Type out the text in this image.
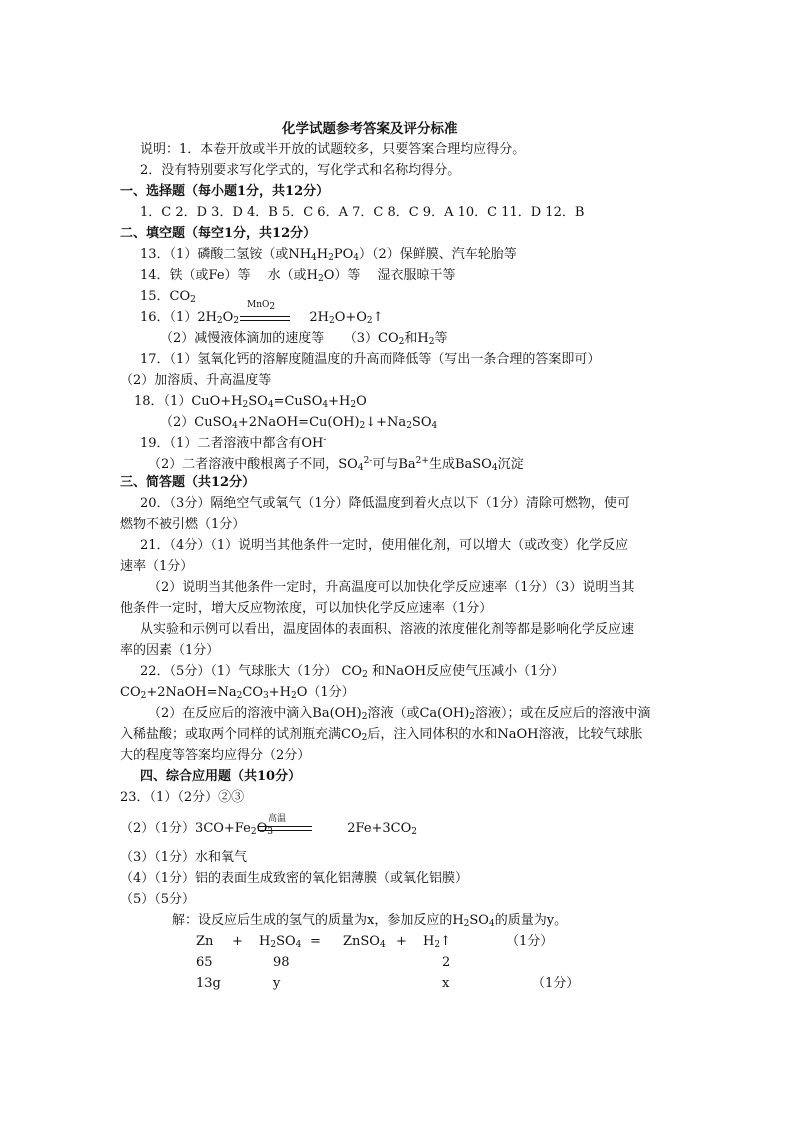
化学试题参考答案及评分标准
说明：1．本卷开放或半开放的试题较多，只要答案合理均应得分。
2．没有特别要求写化学式的，写化学式和名称均得分。
一、选择题（每小题1分，共12分）
1．C 2．D 3．D 4．B 5．C 6．A 7．C 8．C 9．A 10．C 11．D 12．B
二、填空题（每空1分，共12分）
13．（1）磷酸二氢铵（或$NH_4H_2PO_4)(2)$保鲜膜、汽车轮胎等
14．铁（或Fe）等　 水（或$H_2O$）等　 湿衣服晾干等
15．$CO_2$
16．$(1)2H_2O_2$	$2H_2O+O_2↑$
MnO$_2$
（2）减慢液体滴加的速度等　　$(3)CO_2$和$H_2$等
17．（1）氢氧化钙的溶解度随温度的升高而降低等（写出一条合理的答案即可）
（2）加溶质、升高温度等
18．$(1)CuO+H_2SO_4=CuSO_4+H_2O$
$(2)CuSO_4+2NaOH=Cu(OH)_2↓+Na_2SO_4$
19．（1）二者溶液中都含有OH-
（2）二者溶液中酸根离子不同，$SO_4^{2-}$可与$Ba^{2+}$生成BaSO$_4$沉淀
三、简答题（共12分）
20．（3分）隔绝空气或氧气（1分）降低温度到着火点以下（1分）清除可燃物，使可
燃物不被引燃（1分）
21．（4分）（1）说明当其他条件一定时，使用催化剂，可以增大（或改变）化学反应
速率（1分）
（2）说明当其他条件一定时，升高温度可以加快化学反应速率（1分）（3）说明当其
他条件一定时，增大反应物浓度，可以加快化学反应速率（1分）
从实验和示例可以看出，温度固体的表面积、溶液的浓度催化剂等都是影响化学反应速
率的因素（1分）
22．（5分）（1）气球胀大（1分） $CO_2$ 和NaOH反应使气压减小（1分）
$CO_2+2NaOH=Na_2CO_3+H_2O(1$分）
（2）在反应后的溶液中滴入$Ba(OH)_2$溶液（或$Ca(OH)_2$溶液）；或在反应后的溶液中滴
入稀盐酸；或取两个同样的试剂瓶充满$CO_2$后，注入同体积的水和NaOH溶液，比较气球胀
大的程度等答案均应得分（2分）
四、综合应用题（共10分）
23．（1）（2分）②③
（2）（1分）$3CO+Fe_2O_3$	$2Fe+3CO_2$
高温
（3）（1分）水和氧气
（4）（1分）铝的表面生成致密的氧化铝薄膜（或氧化铝膜）
（5）（5分）
解：设反应后生成的氢气的质量为x，参加反应的$H_2SO_4$的质量为y。
$Zn + H_2SO_4$ = ZnSO$_4$ + $H_2↑$	（1分）
65	98	2
13g	y	x	（1分）
